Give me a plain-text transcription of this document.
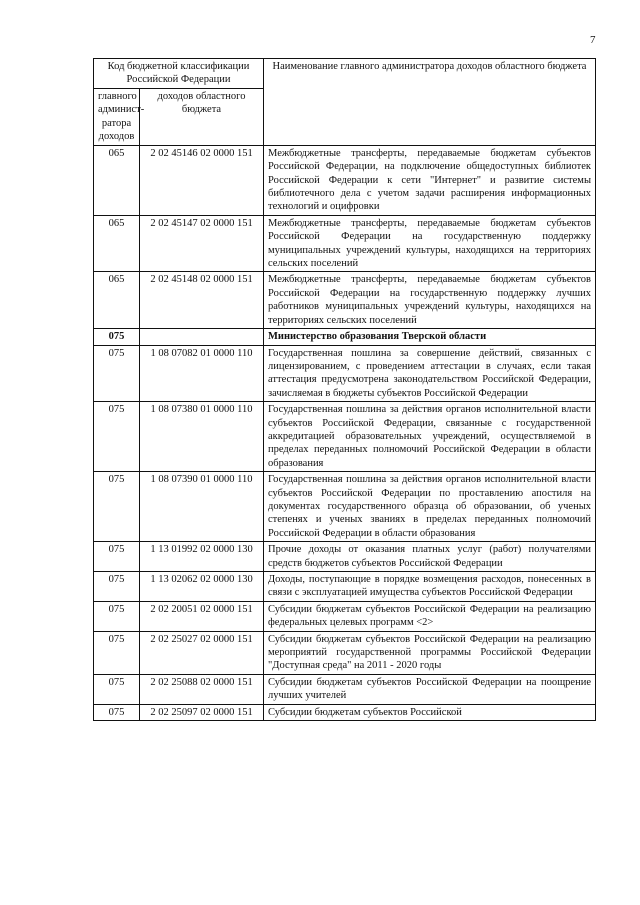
7
Код бюджетной классификации Российской Федерации		Наименование главного администратора доходов областного бюджета
главного админист-ратора доходов	доходов областного бюджета	
065	2 02 45146 02 0000 151	Межбюджетные трансферты, передаваемые бюджетам субъектов Российской Федерации, на подключение общедоступных библиотек Российской Федерации к сети "Интернет" и развитие системы библиотечного дела с учетом задачи расширения информационных технологий и оцифровки
065	2 02 45147 02 0000 151	Межбюджетные трансферты, передаваемые бюджетам субъектов Российской Федерации на государственную поддержку муниципальных учреждений культуры, находящихся на территориях сельских поселений
065	2 02 45148 02 0000 151	Межбюджетные трансферты, передаваемые бюджетам субъектов Российской Федерации на государственную поддержку лучших работников муниципальных учреждений культуры, находящихся на территориях сельских поселений
075		Министерство образования Тверской области
075	1 08 07082 01 0000 110	Государственная пошлина за совершение действий, связанных с лицензированием, с проведением аттестации в случаях, если такая аттестация предусмотрена законодательством Российской Федерации, зачисляемая в бюджеты субъектов Российской Федерации
075	1 08 07380 01 0000 110	Государственная пошлина за действия органов исполнительной власти субъектов Российской Федерации, связанные с государственной аккредитацией образовательных учреждений, осуществляемой в пределах переданных полномочий Российской Федерации в области образования
075	1 08 07390 01 0000 110	Государственная пошлина за действия органов исполнительной власти субъектов Российской Федерации по проставлению апостиля на документах государственного образца об образовании, об ученых степенях и ученых званиях в пределах переданных полномочий Российской Федерации в области образования
075	1 13 01992 02 0000 130	Прочие доходы от оказания платных услуг (работ) получателями средств бюджетов субъектов Российской Федерации
075	1 13 02062 02 0000 130	Доходы, поступающие в порядке возмещения расходов, понесенных в связи с эксплуатацией имущества субъектов Российской Федерации
075	2 02 20051 02 0000 151	Субсидии бюджетам субъектов Российской Федерации на реализацию федеральных целевых программ <2>
075	2 02 25027 02 0000 151	Субсидии бюджетам субъектов Российской Федерации на реализацию мероприятий государственной программы Российской Федерации "Доступная среда" на 2011 - 2020 годы
075	2 02 25088 02 0000 151	Субсидии бюджетам субъектов Российской Федерации на поощрение лучших учителей
075	2 02 25097 02 0000 151	Субсидии бюджетам субъектов Российской
